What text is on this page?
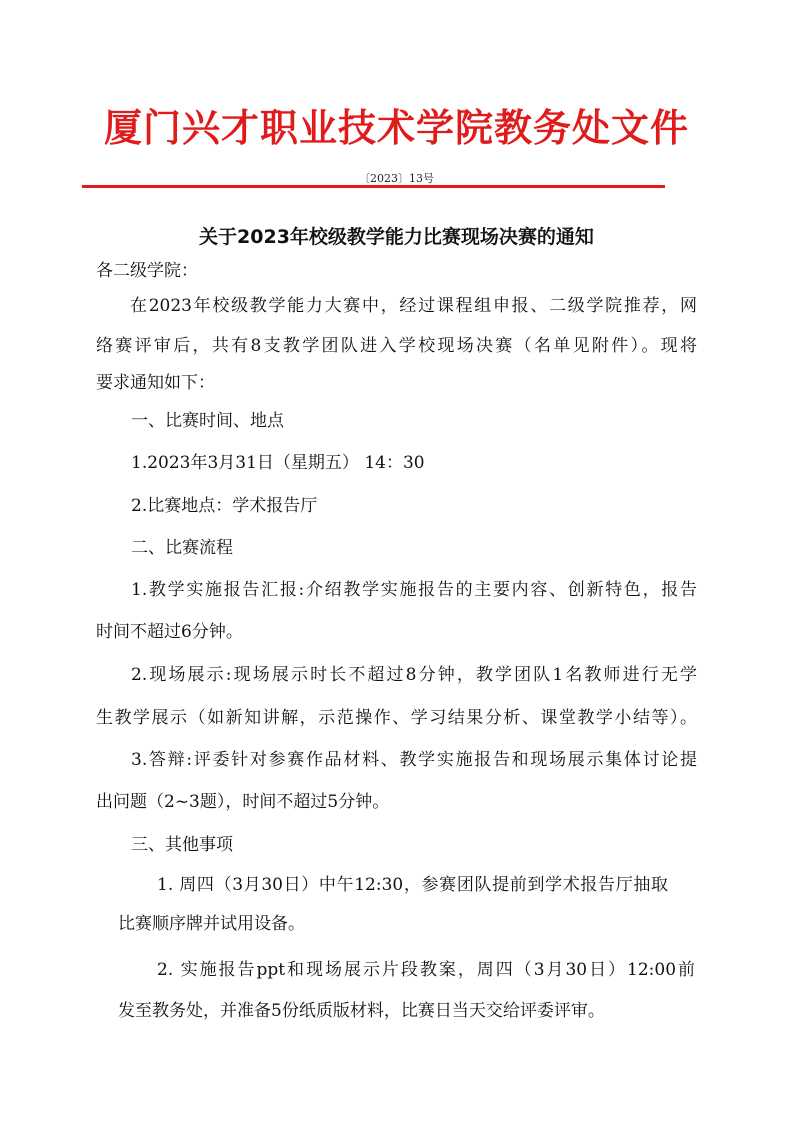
厦门兴才职业技术学院教务处文件
〔2023〕13号
关于2023年校级教学能力比赛现场决赛的通知
各二级学院：
在2023年校级教学能力大赛中，经过课程组申报、二级学院推荐，网
络赛评审后，共有8支教学团队进入学校现场决赛（名单见附件）。现将
要求通知如下：
一、比赛时间、地点
1.2023年3月31日（星期五） 14：30
2.比赛地点：学术报告厅
二、比赛流程
1.教学实施报告汇报:介绍教学实施报告的主要内容、创新特色，报告
时间不超过6分钟。
2.现场展示:现场展示时长不超过8分钟，教学团队1名教师进行无学
生教学展示（如新知讲解，示范操作、学习结果分析、课堂教学小结等）。
3.答辩:评委针对参赛作品材料、教学实施报告和现场展示集体讨论提
出问题（2~3题），时间不超过5分钟。
三、其他事项
1. 周四（3月30日）中午12:30，参赛团队提前到学术报告厅抽取
比赛顺序牌并试用设备。
2. 实施报告ppt和现场展示片段教案，周四（3月30日）12:00前
发至教务处，并准备5份纸质版材料，比赛日当天交给评委评审。
